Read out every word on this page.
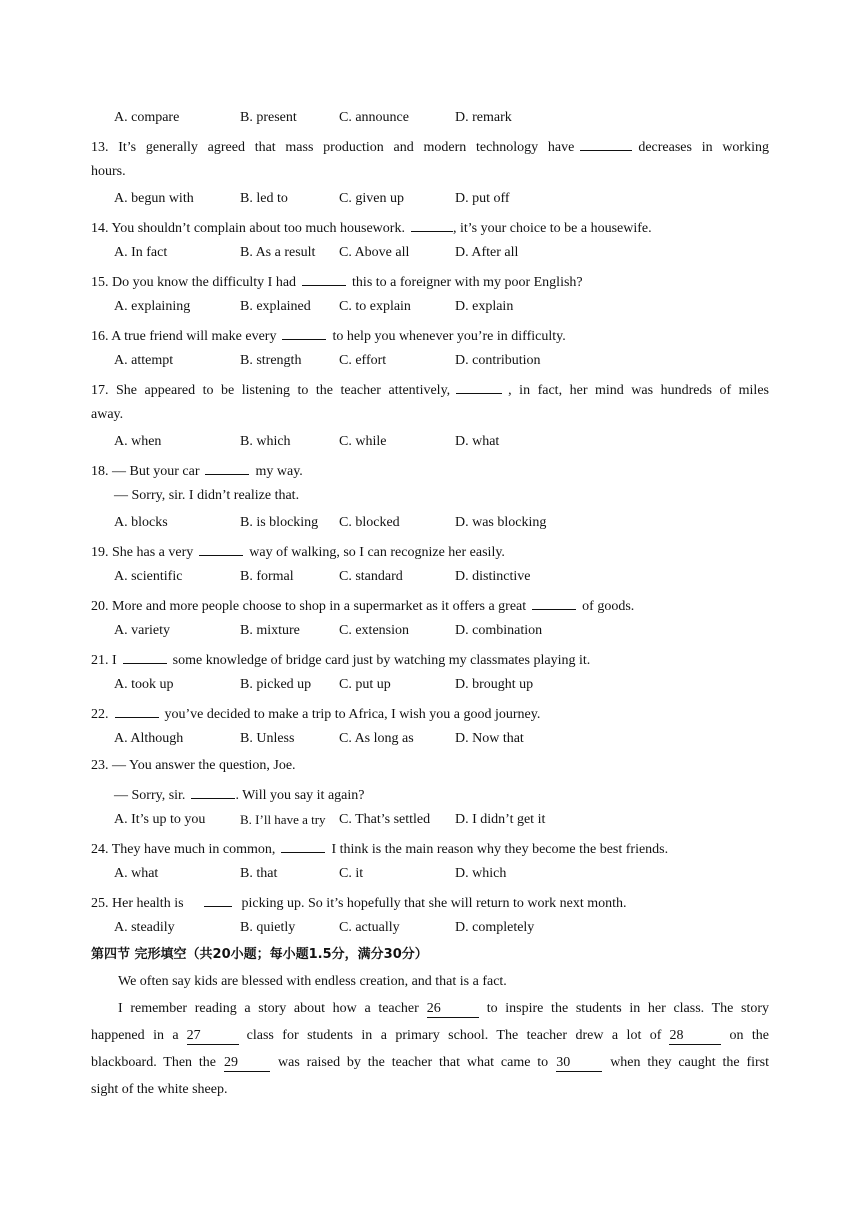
A. compare	B. present	C. announce	D. remark
13. It’s generally agreed that mass production and modern technology have	decreases in working
hours.
A. begun with	B. led to	C. given up	D. put off
14. You shouldn’t complain about too much housework.	, it’s your choice to be a housewife.
A. In fact	B. As a result C. Above all	D. After all
15. Do you know the difficulty I had	this to a foreigner with my poor English?
A. explaining	B. explained C. to explain	D. explain
16. A true friend will make every	to help you whenever you’re in difficulty.
A. attempt	B. strength	C. effort	D. contribution
17. She appeared to be listening to the teacher attentively,	, in fact, her mind was hundreds of miles
away.
A. when	B. which	C. while	D. what
18. — But your car	my way.
— Sorry, sir. I didn’t realize that.
A. blocks	B. is blocking C. blocked	D. was blocking
19. She has a very	way of walking, so I can recognize her easily.
A. scientific	B. formal	C. standard	D. distinctive
20. More and more people choose to shop in a supermarket as it offers a great	of goods.
A. variety	B. mixture	C. extension	D. combination
21. I	some knowledge of bridge card just by watching my classmates playing it.
A. took up	B. picked up C. put up	D. brought up
22.	you’ve decided to make a trip to Africa, I wish you a good journey.
A. Although	B. Unless	C. As long as	D. Now that
23. — You answer the question, Joe.
— Sorry, sir.	. Will you say it again?
A. It’s up to you	B. I’ll have a try C. That’s settled D. I didn’t get it
24. They have much in common,	I think is the main reason why they become the best friends.
A. what	B. that	C. it	D. which
25. Her health is	picking up. So it’s hopefully that she will return to work next month.
A. steadily	B. quietly	C. actually	D. completely
第四节 完形填空（共20小题；每小题1.5分，满分30分）
We often say kids are blessed with endless creation, and that is a fact.
I remember reading a story about how a teacher 26	to inspire the students in her class. The story
happened in a 27	class for students in a primary school. The teacher drew a lot of 28	on the
blackboard. Then the 29	was raised by the teacher that what came to 30	when they caught the first
sight of the white sheep.
